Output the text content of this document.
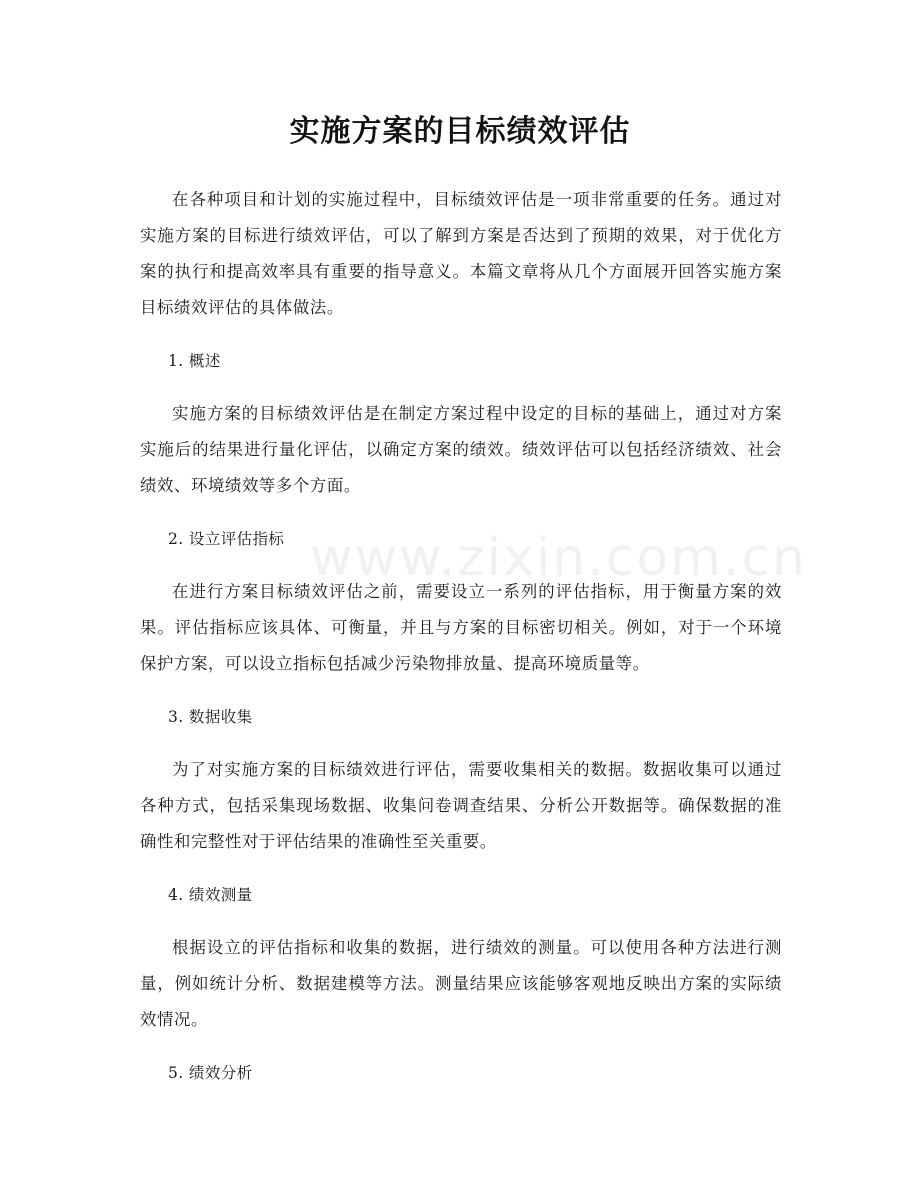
实施方案的目标绩效评估
www.zixin.com.cn

在各种项目和计划的实施过程中，目标绩效评估是一项非常重要的任务。通过对实施方案的目标进行绩效评估，可以了解到方案是否达到了预期的效果，对于优化方案的执行和提高效率具有重要的指导意义。本篇文章将从几个方面展开回答实施方案目标绩效评估的具体做法。

1. 概述

实施方案的目标绩效评估是在制定方案过程中设定的目标的基础上，通过对方案实施后的结果进行量化评估，以确定方案的绩效。绩效评估可以包括经济绩效、社会绩效、环境绩效等多个方面。

2. 设立评估指标

在进行方案目标绩效评估之前，需要设立一系列的评估指标，用于衡量方案的效果。评估指标应该具体、可衡量，并且与方案的目标密切相关。例如，对于一个环境保护方案，可以设立指标包括减少污染物排放量、提高环境质量等。

3. 数据收集

为了对实施方案的目标绩效进行评估，需要收集相关的数据。数据收集可以通过各种方式，包括采集现场数据、收集问卷调查结果、分析公开数据等。确保数据的准确性和完整性对于评估结果的准确性至关重要。

4. 绩效测量

根据设立的评估指标和收集的数据，进行绩效的测量。可以使用各种方法进行测量，例如统计分析、数据建模等方法。测量结果应该能够客观地反映出方案的实际绩效情况。

5. 绩效分析
